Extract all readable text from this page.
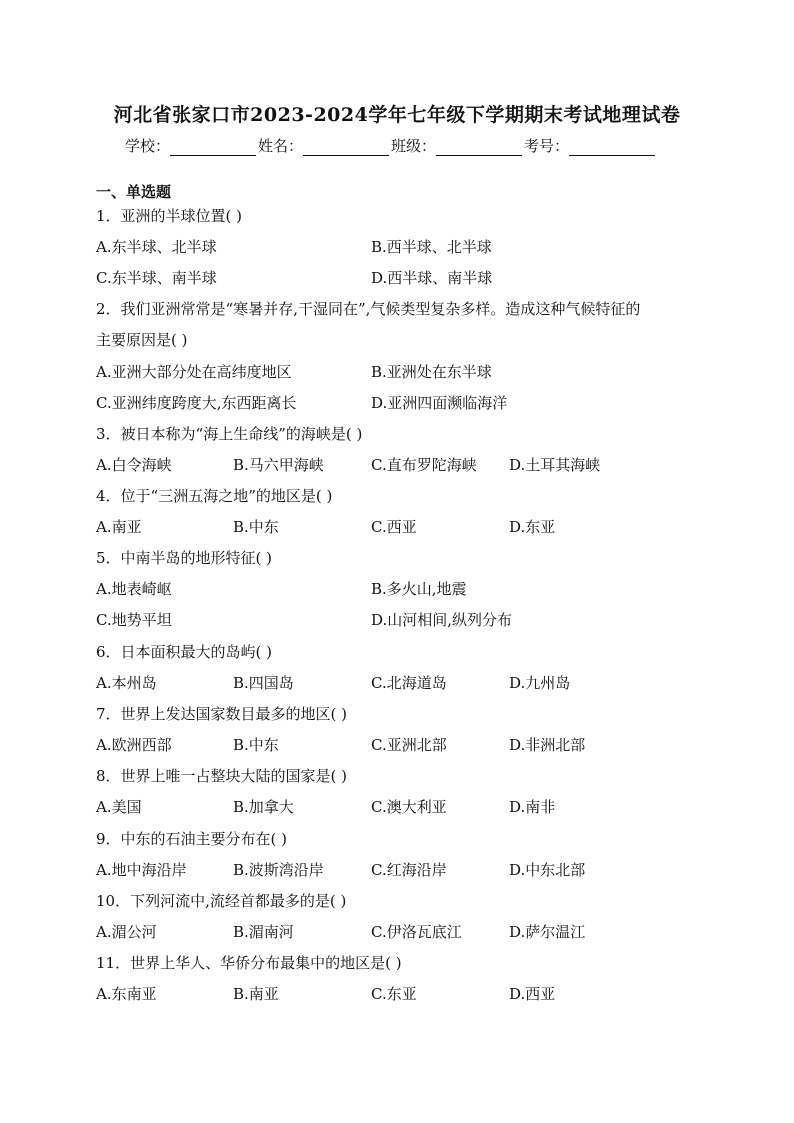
河北省张家口市2023-2024学年七年级下学期期末考试地理试卷
学校：	姓名：	班级：	考号：
一、单选题
1．亚洲的半球位置( )
A.东半球、北半球	B.西半球、北半球
C.东半球、南半球	D.西半球、南半球
2．我们亚洲常常是“寒暑并存,干湿同在”,气候类型复杂多样。造成这种气候特征的
主要原因是( )
A.亚洲大部分处在高纬度地区	B.亚洲处在东半球
C.亚洲纬度跨度大,东西距离长	D.亚洲四面濒临海洋
3．被日本称为“海上生命线”的海峡是( )
A.白令海峡	B.马六甲海峡	C.直布罗陀海峡 D.土耳其海峡
4．位于“三洲五海之地”的地区是( )
A.南亚	B.中东	C.西亚	D.东亚
5．中南半岛的地形特征( )
A.地表崎岖	B.多火山,地震
C.地势平坦	D.山河相间,纵列分布
6．日本面积最大的岛屿( )
A.本州岛	B.四国岛	C.北海道岛	D.九州岛
7．世界上发达国家数目最多的地区( )
A.欧洲西部	B.中东	C.亚洲北部	D.非洲北部
8．世界上唯一占整块大陆的国家是( )
A.美国	B.加拿大	C.澳大利亚	D.南非
9．中东的石油主要分布在( )
A.地中海沿岸	B.波斯湾沿岸	C.红海沿岸	D.中东北部
10．下列河流中,流经首都最多的是( )
A.湄公河	B.湄南河	C.伊洛瓦底江	D.萨尔温江
11．世界上华人、华侨分布最集中的地区是( )
A.东南亚	B.南亚	C.东亚	D.西亚
